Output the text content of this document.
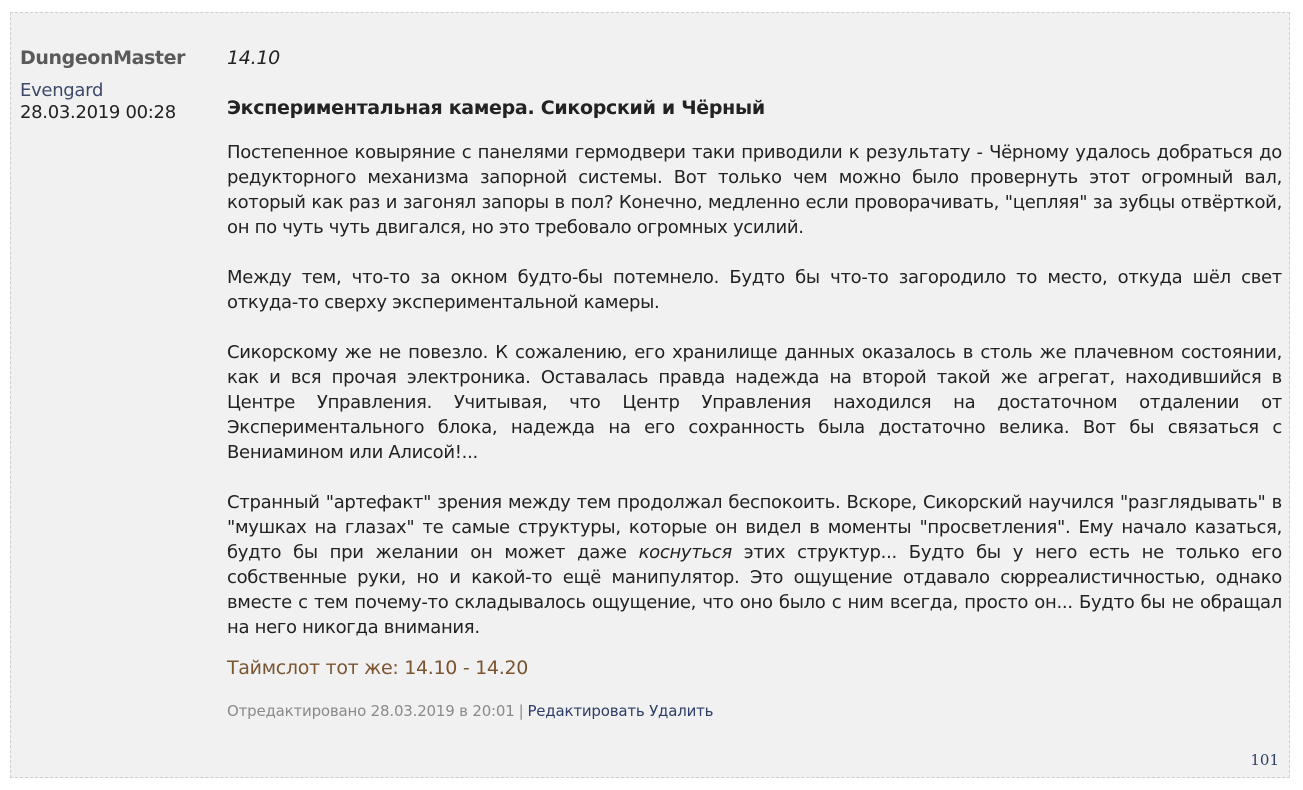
DungeonMaster
Evengard
28.03.2019 00:28
14.10
Экспериментальная камера. Сикорский и Чёрный

Постепенное ковыряние с панелями гермодвери таки приводили к результату - Чёрному удалось добраться до редукторного механизма запорной системы. Вот только чем можно было провернуть этот огромный вал, который как раз и загонял запоры в пол? Конечно, медленно если проворачивать, "цепляя" за зубцы отвёрткой, он по чуть чуть двигался, но это требовало огромных усилий.

Между тем, что-то за окном будто-бы потемнело. Будто бы что-то загородило то место, откуда шёл свет откуда-то сверху экспериментальной камеры.

Сикорскому же не повезло. К сожалению, его хранилище данных оказалось в столь же плачевном состоянии, как и вся прочая электроника. Оставалась правда надежда на второй такой же агрегат, находившийся в Центре Управления. Учитывая, что Центр Управления находился на достаточном отдалении от Экспериментального блока, надежда на его сохранность была достаточно велика. Вот бы связаться с Вениамином или Алисой!...

Странный "артефакт" зрения между тем продолжал беспокоить. Вскоре, Сикорский научился "разглядывать" в "мушках на глазах" те самые структуры, которые он видел в моменты "просветления". Ему начало казаться, будто бы при желании он может даже коснуться этих структур... Будто бы у него есть не только его собственные руки, но и какой-то ещё манипулятор. Это ощущение отдавало сюрреалистичностью, однако вместе с тем почему-то складывалось ощущение, что оно было с ним всегда, просто он... Будто бы не обращал на него никогда внимания.

Таймслот тот же: 14.10 - 14.20
Отредактировано 28.03.2019 в 20:01 | Редактировать Удалить
101
